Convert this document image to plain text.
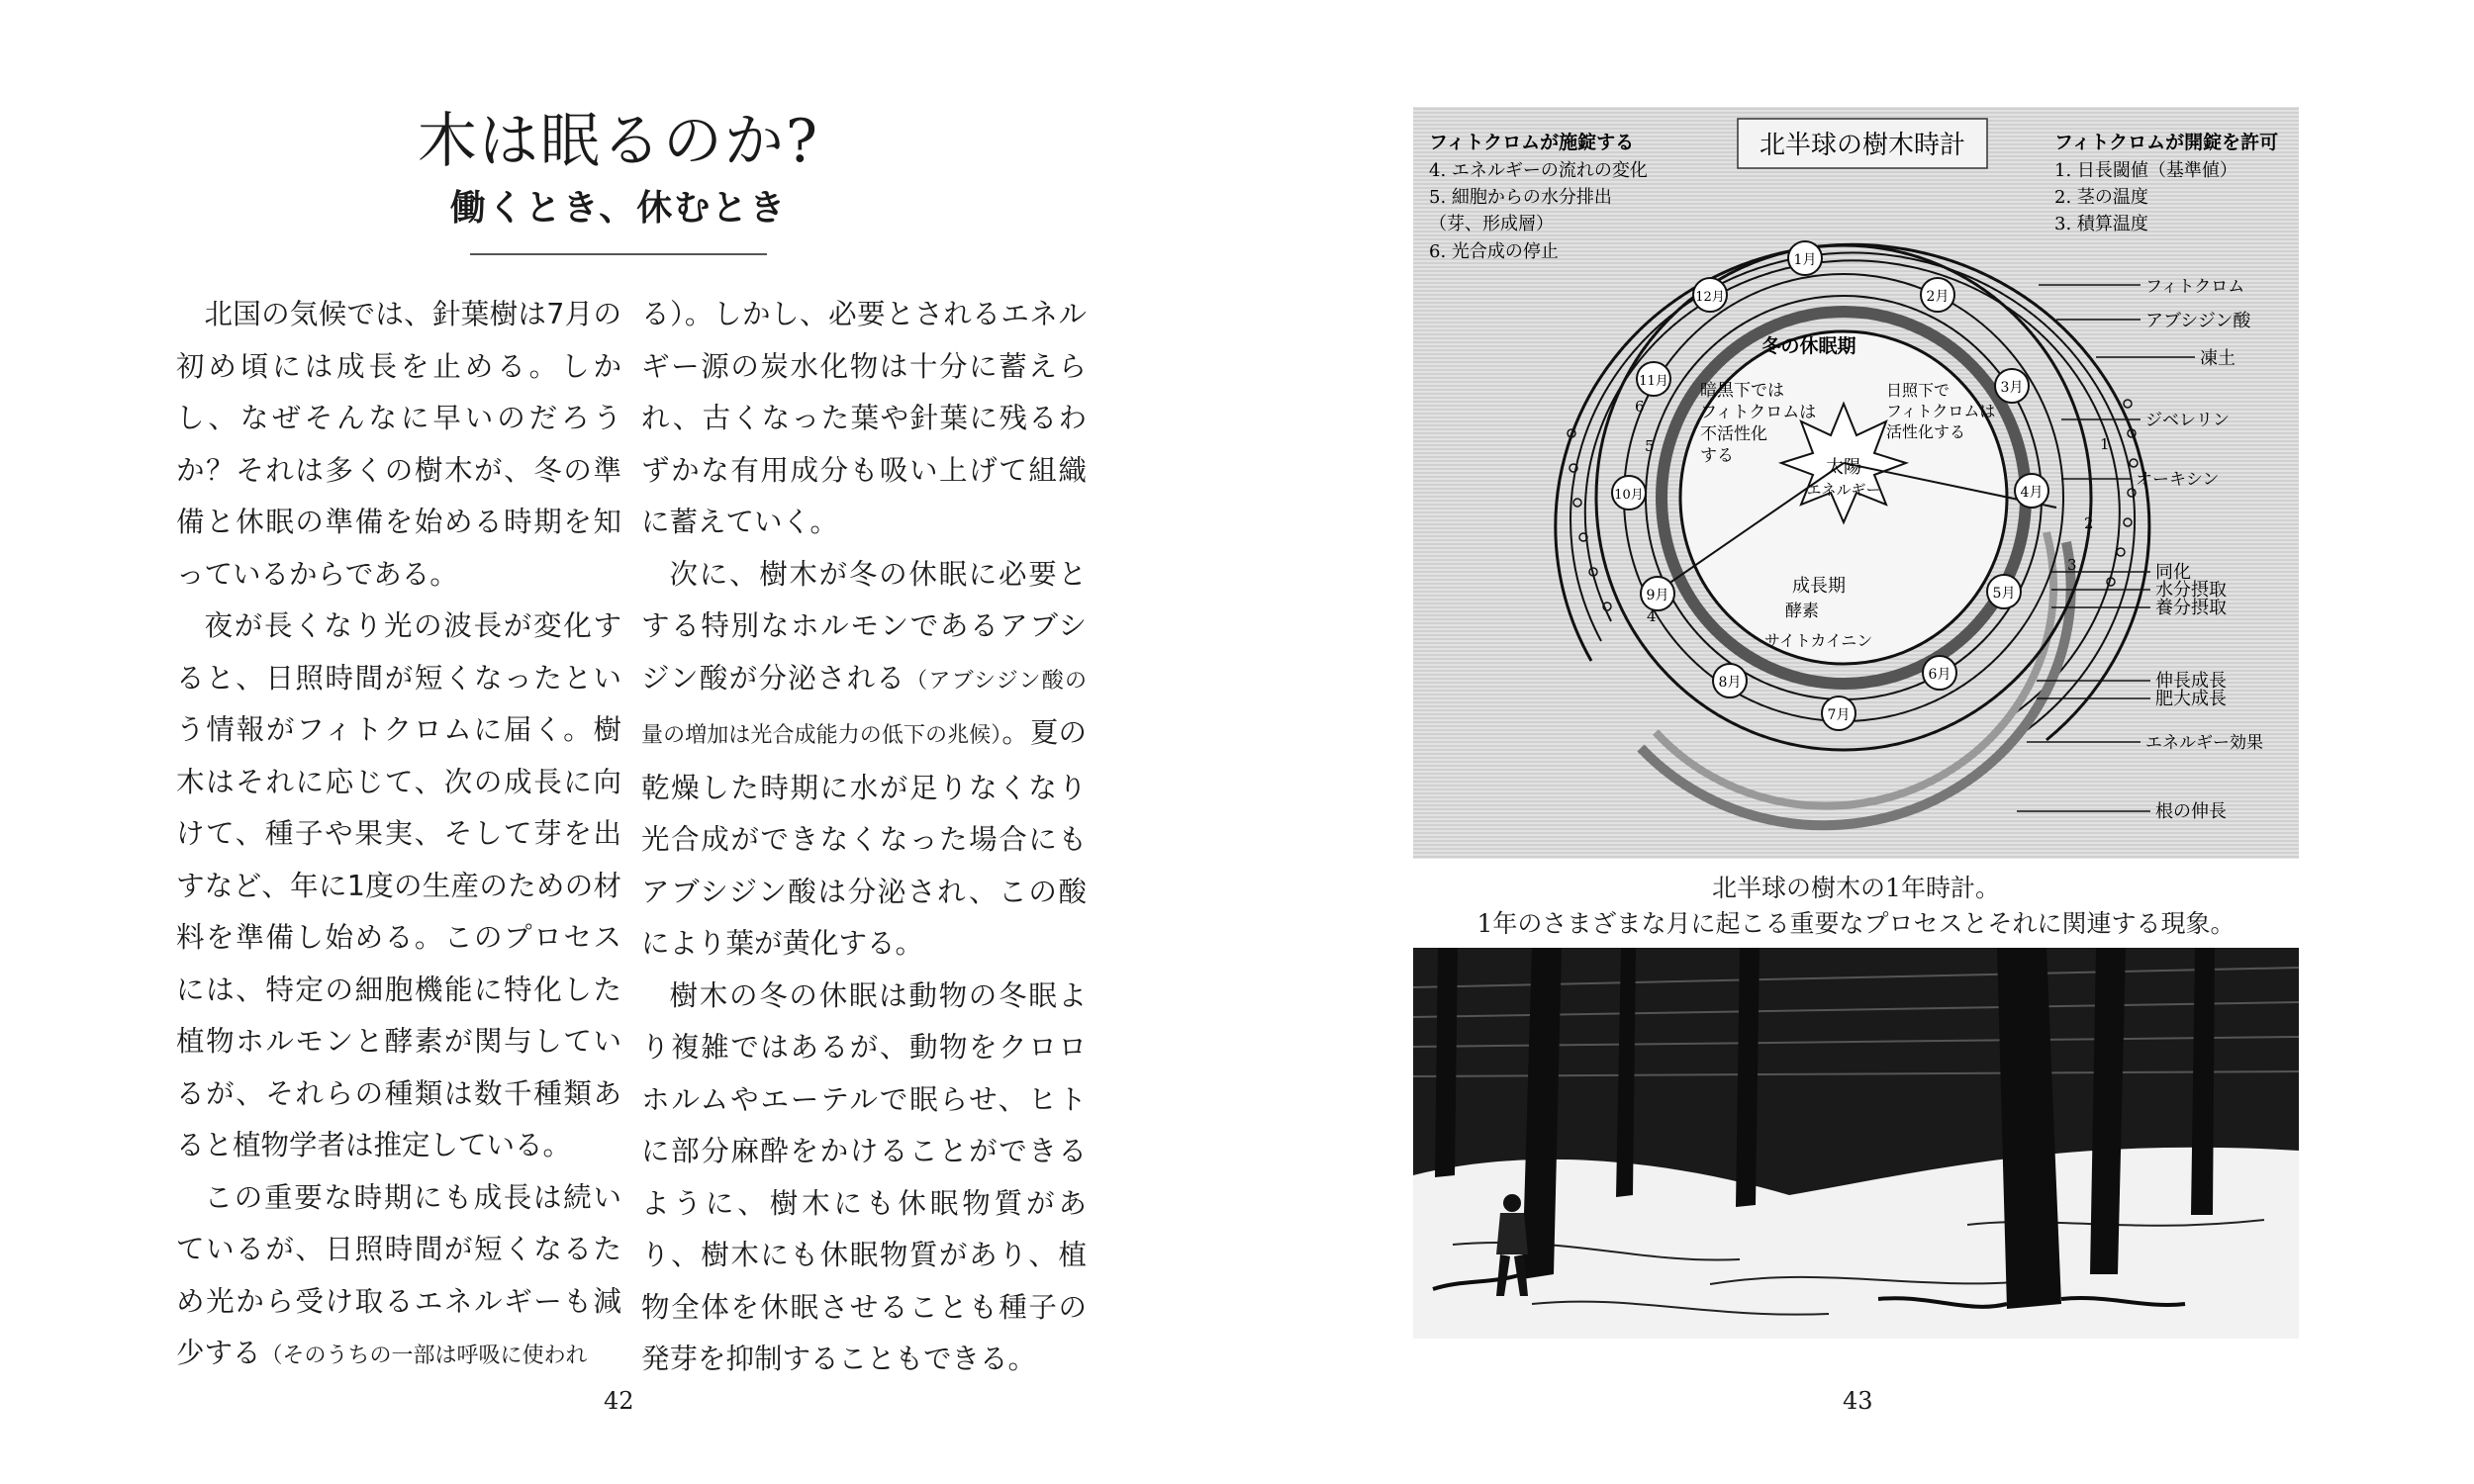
木は眠るのか?
働くとき、休むとき

北国の気候では、針葉樹は7月の初め頃には成長を止める。しかし、なぜそんなに早いのだろうか？それは多くの樹木が、冬の準備と休眠の準備を始める時期を知っているからである。

夜が長くなり光の波長が変化すると、日照時間が短くなったという情報がフィトクロムに届く。樹木はそれに応じて、次の成長に向けて、種子や果実、そして芽を出すなど、年に1度の生産のための材料を準備し始める。このプロセスには、特定の細胞機能に特化した植物ホルモンと酵素が関与しているが、それらの種類は数千種類あると植物学者は推定している。

この重要な時期にも成長は続いているが、日照時間が短くなるため光から受け取るエネルギーも減少する（そのうちの一部は呼吸に使われ

る）。しかし、必要とされるエネルギー源の炭水化物は十分に蓄えられ、古くなった葉や針葉に残るわずかな有用成分も吸い上げて組織に蓄えていく。

次に、樹木が冬の休眠に必要とする特別なホルモンであるアブシジン酸が分泌される（アブシジン酸の量の増加は光合成能力の低下の兆候）。夏の乾燥した時期に水が足りなくなり光合成ができなくなった場合にもアブシジン酸は分泌され、この酸により葉が黄化する。

樹木の冬の休眠は動物の冬眠より複雑ではあるが、動物をクロロホルムやエーテルで眠らせ、ヒトに部分麻酔をかけることができるように、樹木にも休眠物質があり、樹木にも休眠物質があり、植物全体を休眠させることも種子の発芽を抑制することもできる。

42
北半球の樹木時計
フィトクロムが施錠する
4. エネルギーの流れの変化
5. 細胞からの水分排出
（芽、形成層）
6. 光合成の停止
フィトクロムが開錠を許可
1. 日長閾値（基準値）
2. 茎の温度
3. 積算温度
冬の休眠期
暗黒下では
フィトクロムは
不活性化
する
日照下で
フィトクロムは
活性化する
太陽
エネルギー
成長期
酵素
サイトカイニン
1月
2月
3月
4月
5月
6月
7月
8月
9月
10月
11月
12月
1
2
3
4
5
6
フィトクロム
アブシジン酸
凍土
ジベレリン
オーキシン
同化
水分摂取
養分摂取
伸長成長
肥大成長
エネルギー効果
根の伸長
北半球の樹木の1年時計。
1年のさまざまな月に起こる重要なプロセスとそれに関連する現象。
43
